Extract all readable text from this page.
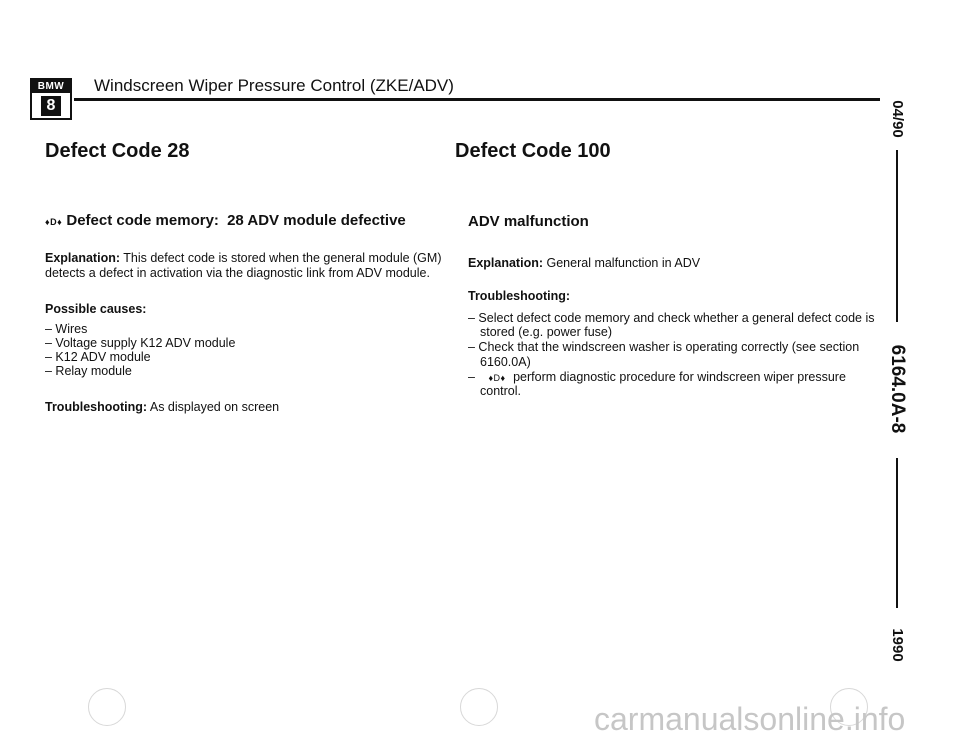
BMW
8
Windscreen Wiper Pressure Control (ZKE/ADV)
04/90
6164.0A-8
1990
Defect Code 28
♦D♦ Defect code memory: 28 ADV module defective
Explanation: This defect code is stored when the general module (GM)
detects a defect in activation via the diagnostic link from ADV module.
Possible causes:
– Wires
– Voltage supply K12 ADV module
– K12 ADV module
– Relay module
Troubleshooting: As displayed on screen
Defect Code 100
ADV malfunction
Explanation: General malfunction in ADV
Troubleshooting:
– Select defect code memory and check whether a general defect code is
stored (e.g. power fuse)
– Check that the windscreen washer is operating correctly (see section
6160.0A)
– ♦D♦ perform diagnostic procedure for windscreen wiper pressure
control.
carmanualsonline.info
